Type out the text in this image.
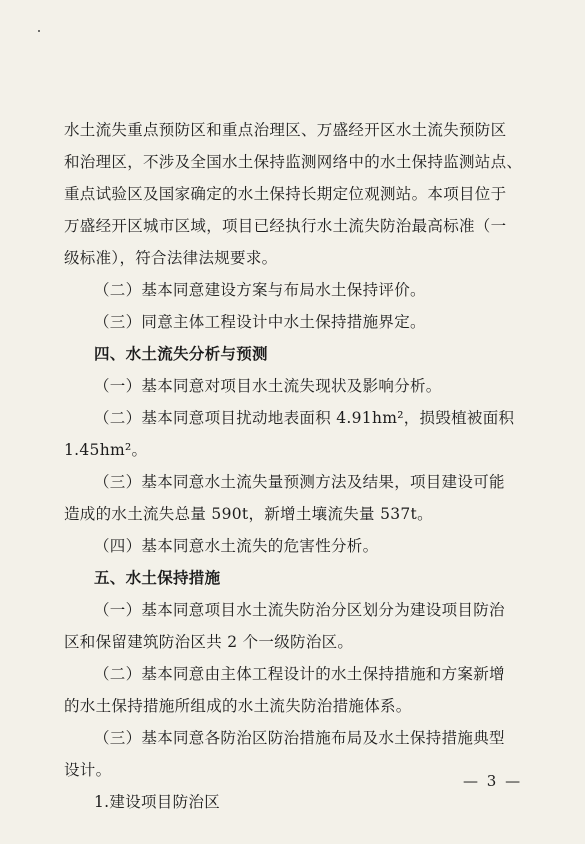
水土流失重点预防区和重点治理区、万盛经开区水土流失预防区
和治理区，不涉及全国水土保持监测网络中的水土保持监测站点、
重点试验区及国家确定的水土保持长期定位观测站。本项目位于
万盛经开区城市区域，项目已经执行水土流失防治最高标准（一
级标准），符合法律法规要求。
（二）基本同意建设方案与布局水土保持评价。
（三）同意主体工程设计中水土保持措施界定。
四、水土流失分析与预测
（一）基本同意对项目水土流失现状及影响分析。
（二）基本同意项目扰动地表面积 4.91hm²，损毁植被面积
1.45hm²。
（三）基本同意水土流失量预测方法及结果，项目建设可能
造成的水土流失总量 590t，新增土壤流失量 537t。
（四）基本同意水土流失的危害性分析。
五、水土保持措施
（一）基本同意项目水土流失防治分区划分为建设项目防治
区和保留建筑防治区共 2 个一级防治区。
（二）基本同意由主体工程设计的水土保持措施和方案新增
的水土保持措施所组成的水土流失防治措施体系。
（三）基本同意各防治区防治措施布局及水土保持措施典型
设计。
1.建设项目防治区
— 3 —
